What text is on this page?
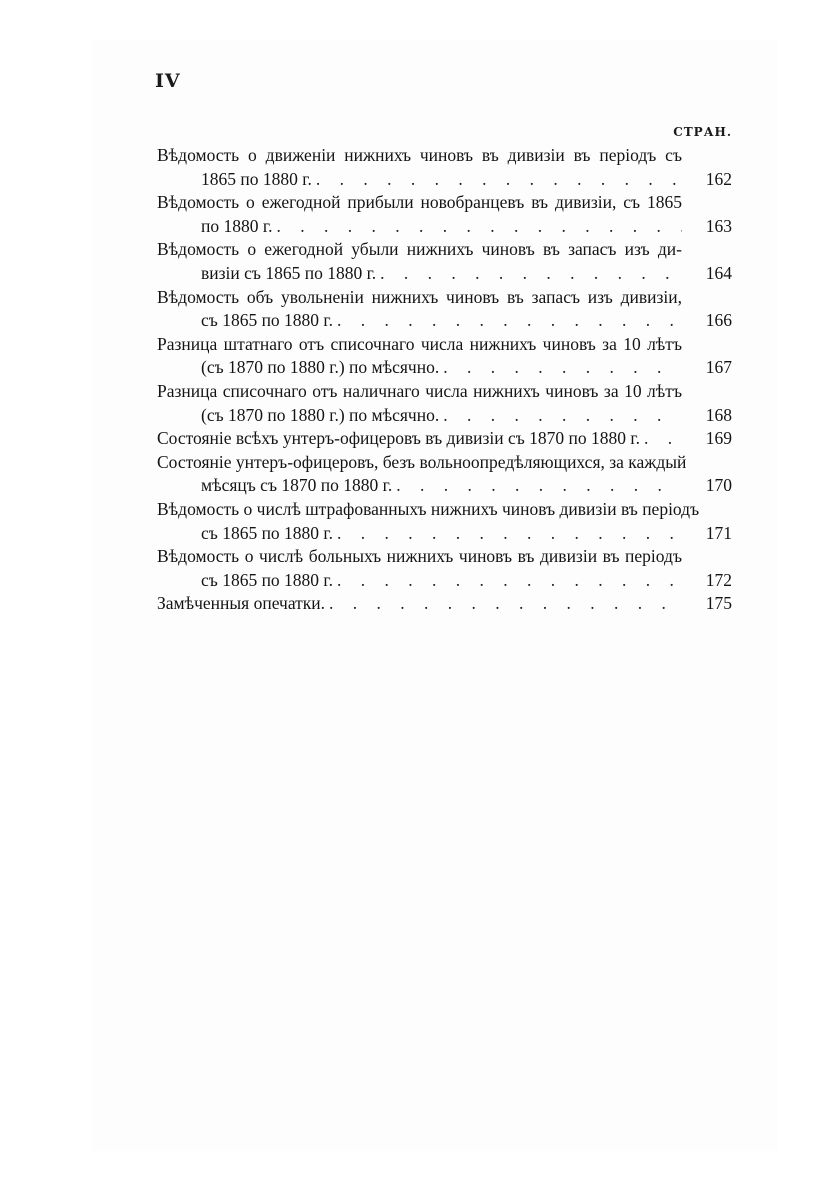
IV
СТРАН.
Вѣдомость о движенiи нижнихъ чиновъ въ дивизiи въ перiодъ съ
1865 по 1880 г. . . .	162
Вѣдомость о ежегодной прибыли новобранцевъ въ дивизiи, съ 1865
по 1880 г. . . .	163
Вѣдомость о ежегодной убыли нижнихъ чиновъ въ запасъ изъ ди-
визiи съ 1865 по 1880 г. . . .	164
Вѣдомость объ увольненiи нижнихъ чиновъ въ запасъ изъ дивизiи,
съ 1865 по 1880 г. . . .	166
Разница штатнаго отъ списочнаго числа нижнихъ чиновъ за 10 лѣтъ
(съ 1870 по 1880 г.) по мѣсячно. . . .	167
Разница списочнаго отъ наличнаго числа нижнихъ чиновъ за 10 лѣтъ
(съ 1870 по 1880 г.) по мѣсячно. . . .	168
Состоянiе всѣхъ унтеръ-офицеровъ въ дивизiи съ 1870 по 1880 г. . . .	169
Состоянiе унтеръ-офицеровъ, безъ вольноопредѣляющихся, за каждый
мѣсяцъ съ 1870 по 1880 г. . . .	170
Вѣдомость о числѣ штрафованныхъ нижнихъ чиновъ дивизiи въ перiодъ
съ 1865 по 1880 г. . . .	171
Вѣдомость о числѣ больныхъ нижнихъ чиновъ въ дивизiи въ перiодъ
съ 1865 по 1880 г. . . .	172
Замѣченныя опечатки. . . .	175
